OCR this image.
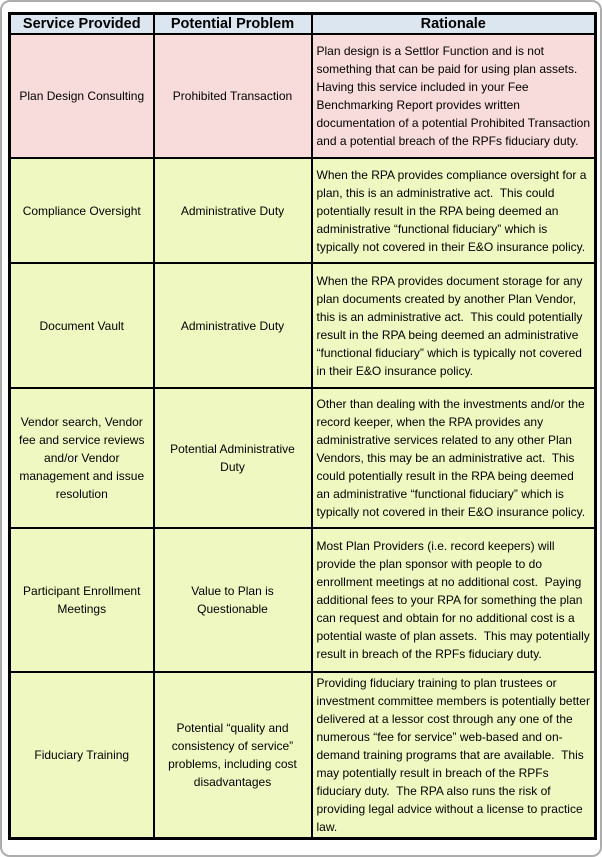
Service Provided	Potential Problem	Rationale
Plan Design Consulting	Prohibited Transaction	Plan design is a Settlor Function and is not something that can be paid for using plan assets.  Having this service included in your Fee Benchmarking Report provides written documentation of a potential Prohibited Transaction and a potential breach of the RPFs fiduciary duty.
Compliance Oversight	Administrative Duty	When the RPA provides compliance oversight for a plan, this is an administrative act.  This could potentially result in the RPA being deemed an administrative “functional fiduciary” which is typically not covered in their E&O insurance policy.
Document Vault	Administrative Duty	When the RPA provides document storage for any plan documents created by another Plan Vendor, this is an administrative act.  This could potentially result in the RPA being deemed an administrative “functional fiduciary” which is typically not covered in their E&O insurance policy.
Vendor search, Vendor fee and service reviews and/or Vendor management and issue resolution	Potential Administrative Duty	Other than dealing with the investments and/or the record keeper, when the RPA provides any administrative services related to any other Plan Vendors, this may be an administrative act.  This could potentially result in the RPA being deemed an administrative “functional fiduciary” which is typically not covered in their E&O insurance policy.
Participant Enrollment Meetings	Value to Plan is Questionable	Most Plan Providers (i.e. record keepers) will provide the plan sponsor with people to do enrollment meetings at no additional cost.  Paying additional fees to your RPA for something the plan can request and obtain for no additional cost is a potential waste of plan assets.  This may potentially result in breach of the RPFs fiduciary duty.
Fiduciary Training	Potential “quality and consistency of service” problems, including cost disadvantages	Providing fiduciary training to plan trustees or investment committee members is potentially better delivered at a lessor cost through any one of the numerous “fee for service” web-based and on-demand training programs that are available.  This may potentially result in breach of the RPFs fiduciary duty.  The RPA also runs the risk of providing legal advice without a license to practice law.
